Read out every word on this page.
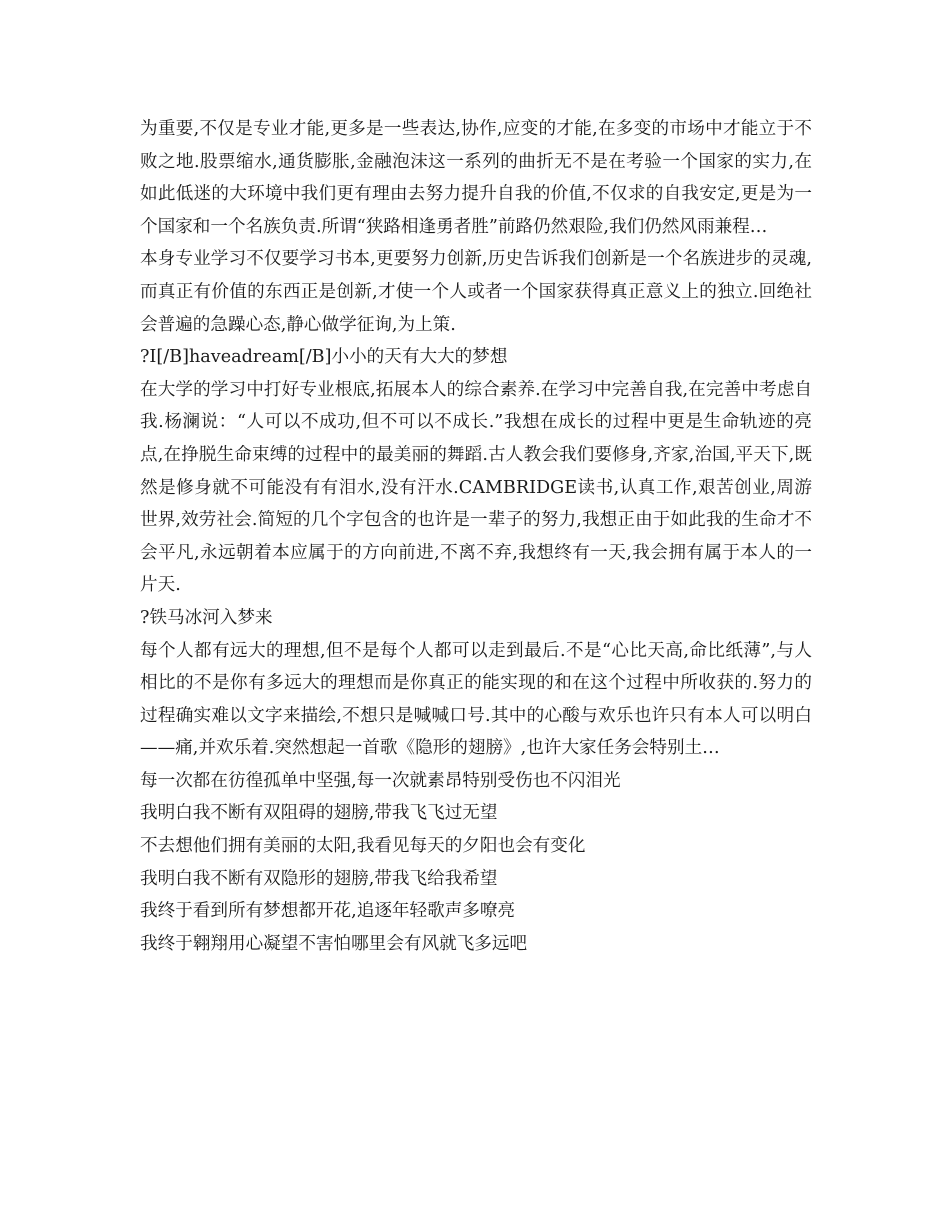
为重要,不仅是专业才能,更多是一些表达,协作,应变的才能,在多变的市场中才能立于不败之地.股票缩水,通货膨胀,金融泡沫这一系列的曲折无不是在考验一个国家的实力,在如此低迷的大环境中我们更有理由去努力提升自我的价值,不仅求的自我安定,更是为一个国家和一个名族负责.所谓“狭路相逢勇者胜”前路仍然艰险,我们仍然风雨兼程…

本身专业学习不仅要学习书本,更要努力创新,历史告诉我们创新是一个名族进步的灵魂,而真正有价值的东西正是创新,才使一个人或者一个国家获得真正意义上的独立.回绝社会普遍的急躁心态,静心做学征询,为上策.

?I[/B]haveadream[/B]小小的天有大大的梦想

在大学的学习中打好专业根底,拓展本人的综合素养.在学习中完善自我,在完善中考虑自我.杨澜说：“人可以不成功,但不可以不成长.”我想在成长的过程中更是生命轨迹的亮点,在挣脱生命束缚的过程中的最美丽的舞蹈.古人教会我们要修身,齐家,治国,平天下,既然是修身就不可能没有有泪水,没有汗水.CAMBRIDGE读书,认真工作,艰苦创业,周游世界,效劳社会.简短的几个字包含的也许是一辈子的努力,我想正由于如此我的生命才不会平凡,永远朝着本应属于的方向前进,不离不弃,我想终有一天,我会拥有属于本人的一片天.

?铁马冰河入梦来

每个人都有远大的理想,但不是每个人都可以走到最后.不是“心比天高,命比纸薄”,与人相比的不是你有多远大的理想而是你真正的能实现的和在这个过程中所收获的.努力的过程确实难以文字来描绘,不想只是喊喊口号.其中的心酸与欢乐也许只有本人可以明白——痛,并欢乐着.突然想起一首歌《隐形的翅膀》,也许大家任务会特别土…

每一次都在彷徨孤单中坚强,每一次就素昂特别受伤也不闪泪光

我明白我不断有双阻碍的翅膀,带我飞飞过无望

不去想他们拥有美丽的太阳,我看见每天的夕阳也会有变化

我明白我不断有双隐形的翅膀,带我飞给我希望

我终于看到所有梦想都开花,追逐年轻歌声多嘹亮

我终于翱翔用心凝望不害怕哪里会有风就飞多远吧
